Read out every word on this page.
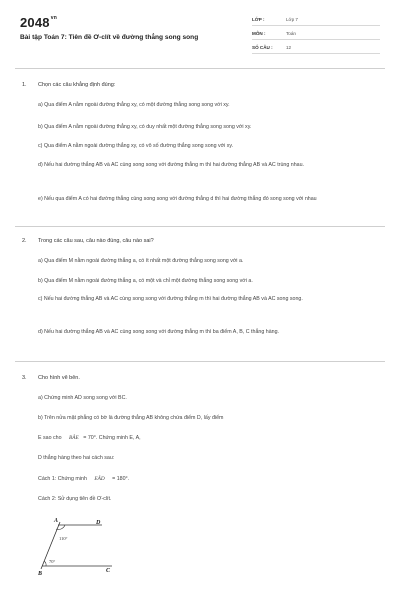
$2048^{vn}$
Bài tập Toán 7: Tiên đề Ơ-clít về đường thẳng song song
LỚP :	Lớp 7
MÔN :	Toán
SỐ CÂU :	12
1. Chọn các câu khẳng định đúng:
a) Qua điểm A nằm ngoài đường thẳng xy, có một đường thẳng song song với xy.
b) Qua điểm A nằm ngoài đường thẳng xy, có duy nhất một đường thẳng song song với xy.
c) Qua điểm A nằm ngoài đường thẳng xy, có vô số đường thẳng song song với xy.
d) Nếu hai đường thẳng AB và AC cùng song song với đường thẳng m thì hai đường thẳng AB và AC trùng nhau.
e) Nếu qua điểm A có hai đường thẳng cùng song song với đường thẳng d thì hai đường thẳng đó song song với nhau
2. Trong các câu sau, câu nào đúng, câu nào sai?
a) Qua điểm M nằm ngoài đường thẳng a, có ít nhất một đường thẳng song song với a.
b) Qua điểm M nằm ngoài đường thẳng a, có một và chỉ một đường thẳng song song với a.
c) Nếu hai đường thẳng AB và AC cùng song song với đường thẳng m thì hai đường thẳng AB và AC song song.
d) Nếu hai đường thẳng AB và AC cùng song song với đường thẳng m thì ba điểm A, B, C thẳng hàng.
3. Cho hình vẽ bên.
a) Chứng minh AD song song với BC.
b) Trên nửa mặt phẳng có bờ là đường thẳng AB không chứa điểm D, lấy điểm
E sao cho BÂE = 70°. Chứng minh E, A,
D thẳng hàng theo hai cách sau:
Cách 1: Chứng minh EÂD = 180°.
Cách 2: Sử dụng tiên đề Ơ-clít.
A	D
B	C
110°
70°
